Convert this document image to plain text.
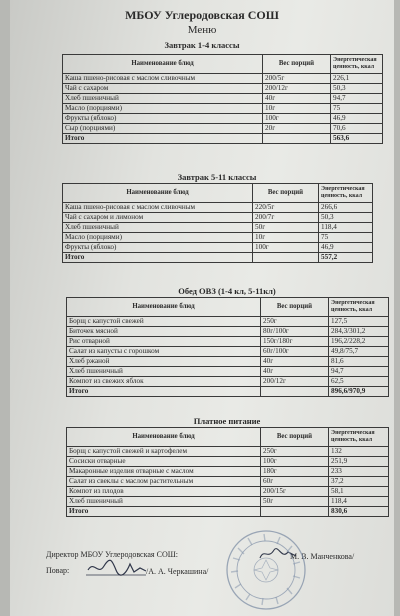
МБОУ Углеродовская СОШ
Меню
Завтрак 1-4 классы
Наименование блюд	Вес порций	Энергетическая ценность, ккал
Каша пшено-рисовая с маслом сливочным	200/5г	226,1
Чай с сахаром	200/12г	50,3
Хлеб пшеничный	40г	94,7
Масло (порциями)	10г	75
Фрукты (яблоко)	100г	46,9
Сыр (порциями)	20г	70,6
Итого		563,6
Завтрак 5-11 классы
Наименование блюд	Вес порций	Энергетическая ценность, ккал
Каша пшено-рисовая с маслом сливочным	220/5г	266,6
Чай с сахаром и лимоном	200/7г	50,3
Хлеб пшеничный	50г	118,4
Масло (порциями)	10г	75
Фрукты (яблоко)	100г	46,9
Итого		557,2
Обед ОВЗ (1-4 кл, 5-11кл)
Наименование блюд	Вес порций	Энергетическая ценность, ккал
Борщ с капустой свежей	250г	127,5
Биточек мясной	80г/100г	284,3/301,2
Рис отварной	150г/180г	196,2/228,2
Салат из капусты с горошком	60г/100г	49,8/75,7
Хлеб ржаной	40г	81,6
Хлеб пшеничный	40г	94,7
Компот из свежих яблок	200/12г	62,5
Итого		896,6/970,9
Платное питание
Наименование блюд	Вес порций	Энергетическая ценность, ккал
Борщ с капустой свежей и картофелем	250г	132
Сосиски отварные	100г	251,9
Макаронные изделия отварные с маслом	180г	233
Салат из свеклы с маслом растительным	60г	37,2
Компот из плодов	200/15г	58,1
Хлеб пшеничный	50г	118,4
Итого		830,6
Директор МБОУ Углеродовская СОШ:	М. В. Манченкова/
Повар:	/А. А. Черкашина/
